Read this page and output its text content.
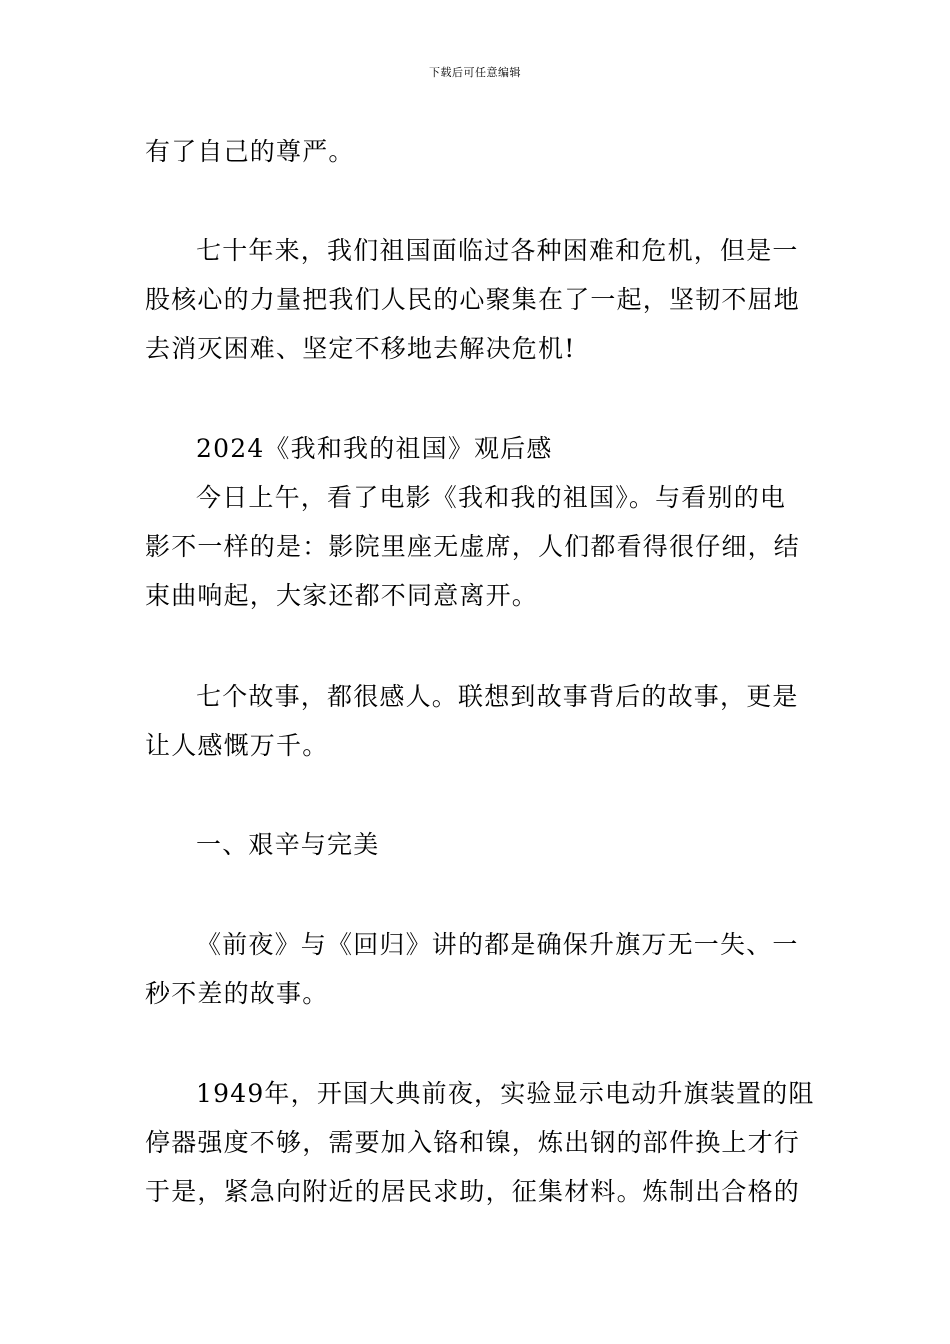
下载后可任意编辑
有了自己的尊严。
七十年来，我们祖国面临过各种困难和危机，但是一
股核心的力量把我们人民的心聚集在了一起，坚韧不屈地
去消灭困难、坚定不移地去解决危机!
2024《我和我的祖国》观后感
今日上午，看了电影《我和我的祖国》。与看别的电
影不一样的是：影院里座无虚席，人们都看得很仔细，结
束曲响起，大家还都不同意离开。
七个故事，都很感人。联想到故事背后的故事，更是
让人感慨万千。
一、艰辛与完美
《前夜》与《回归》讲的都是确保升旗万无一失、一
秒不差的故事。
1949年，开国大典前夜，实验显示电动升旗装置的阻
停器强度不够，需要加入铬和镍，炼出钢的部件换上才行
于是，紧急向附近的居民求助，征集材料。炼制出合格的
